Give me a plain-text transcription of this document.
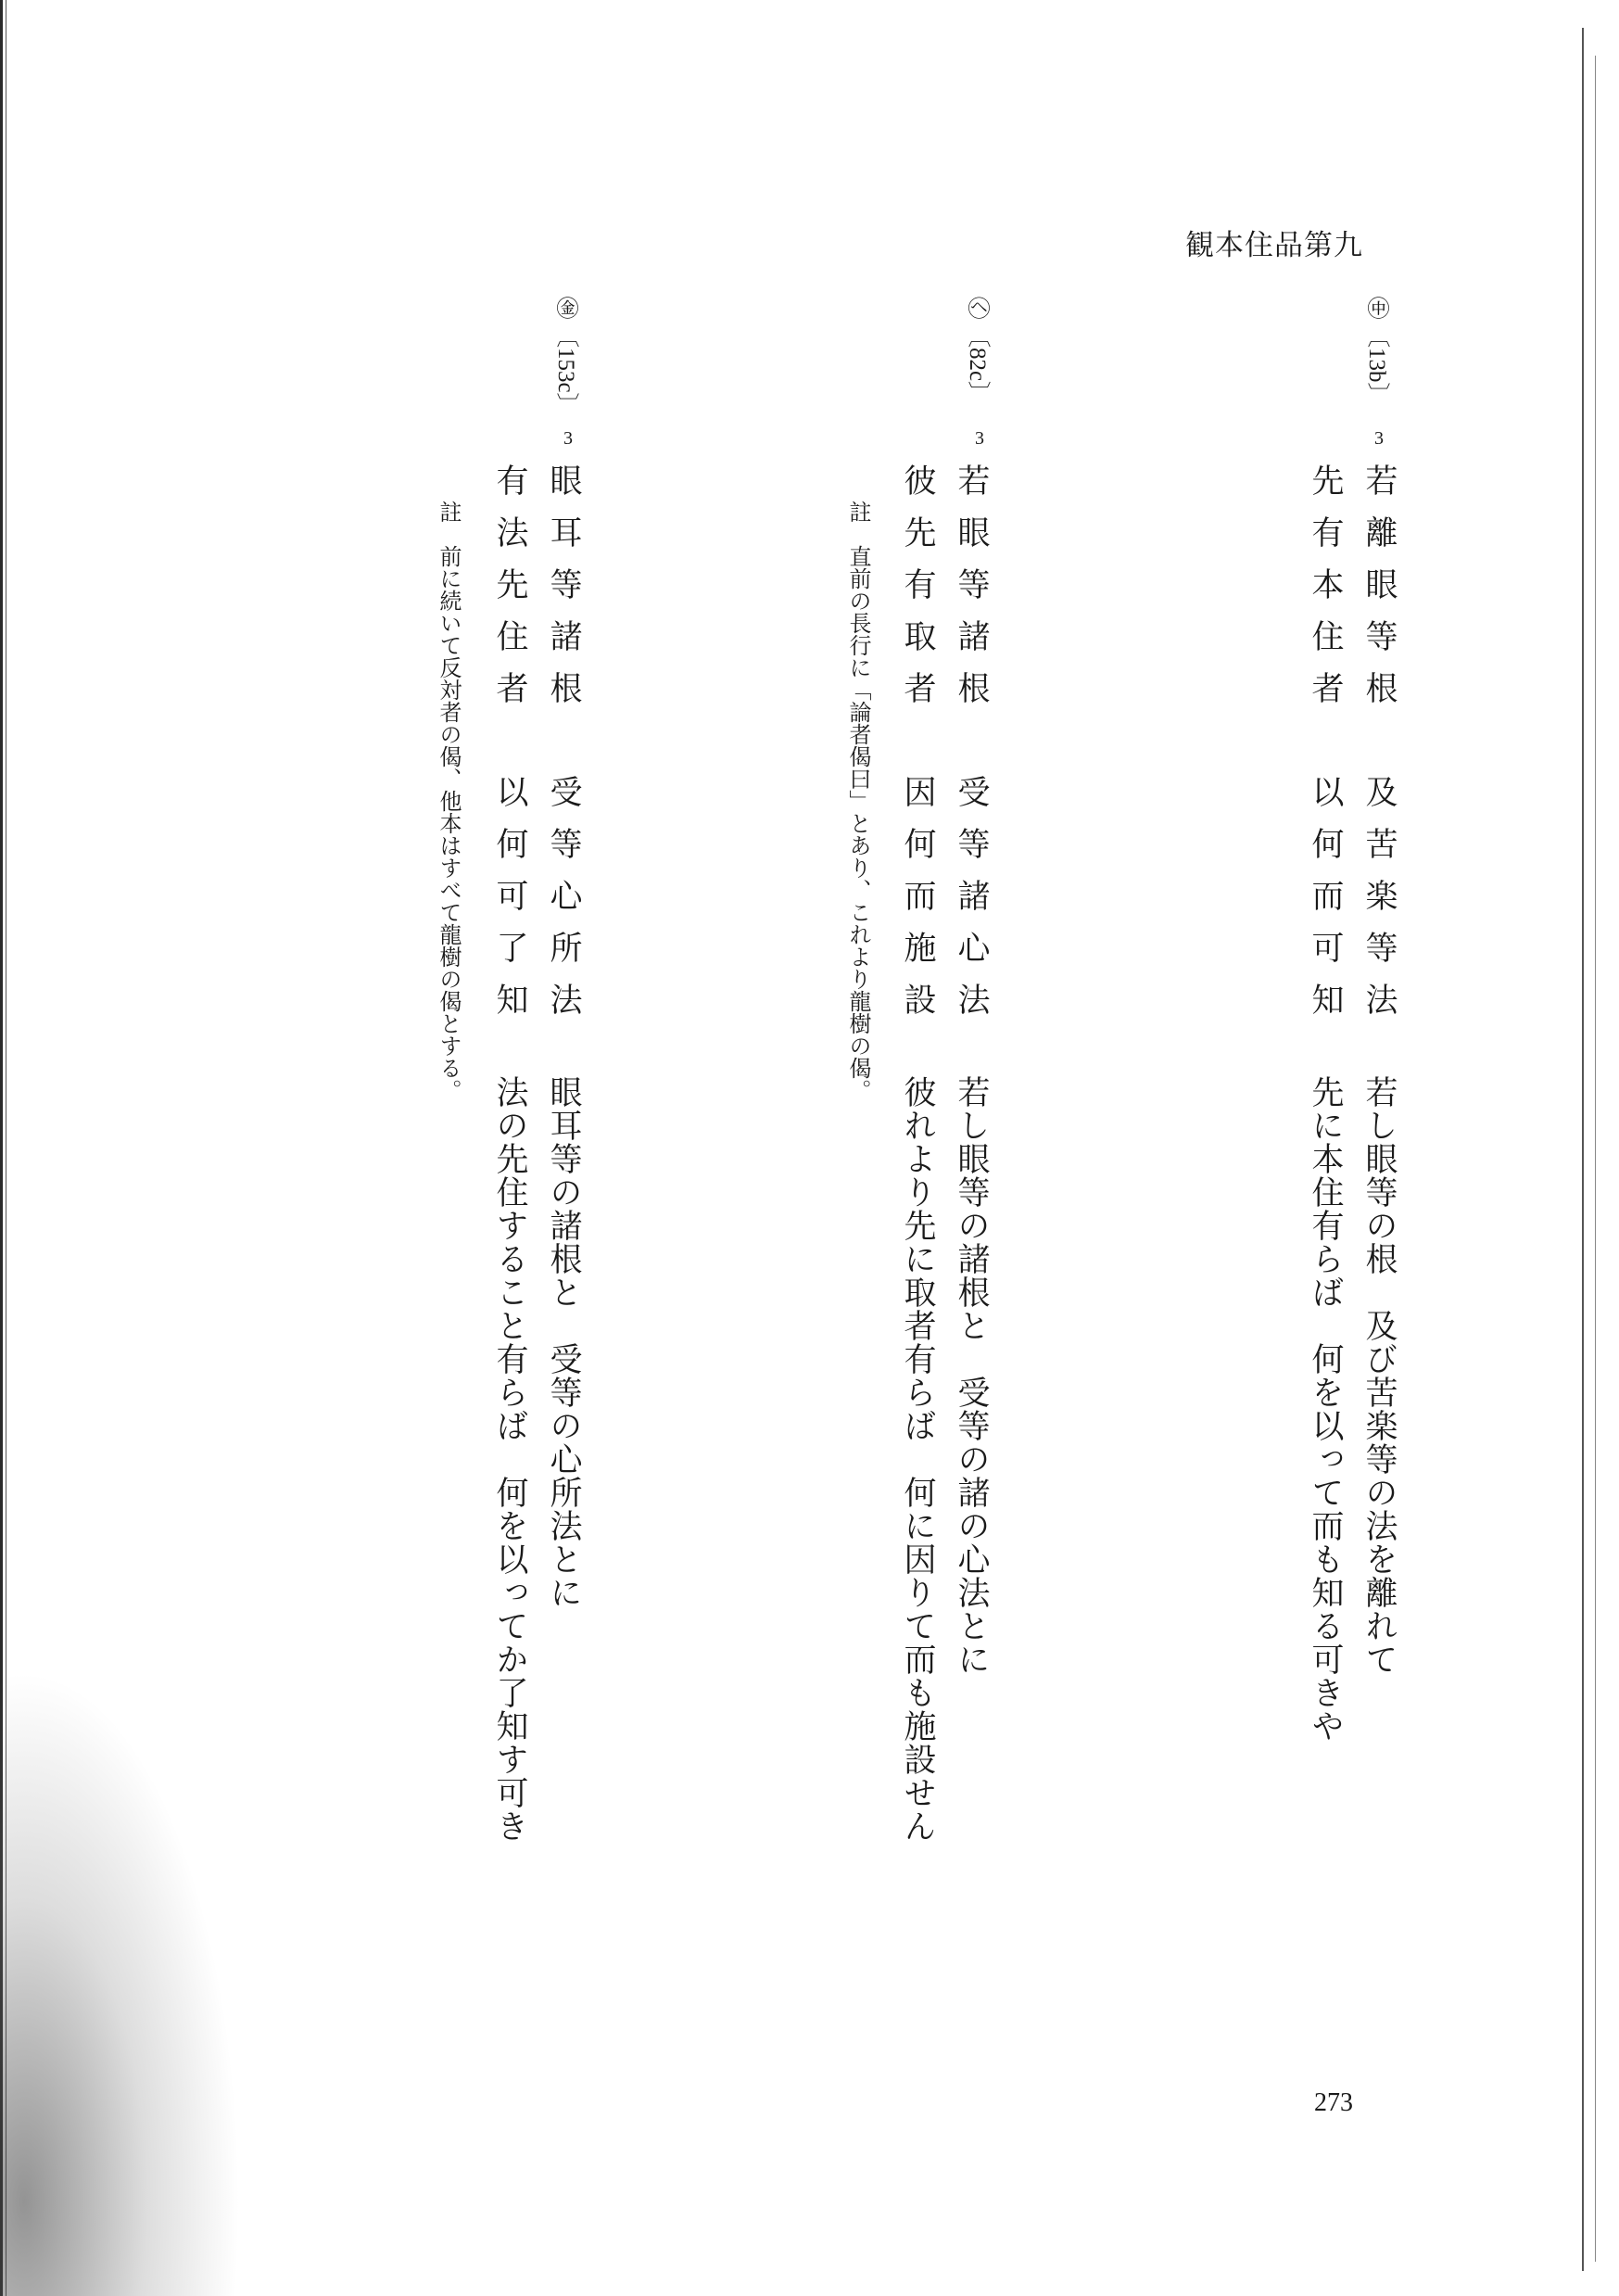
観本住品第九
㊥
〔13b〕
3
若離眼等根　及苦楽等法
先有本住者　以何而可知
若し眼等の根　及び苦楽等の法を離れて
先に本住有らば　何を以って而も知る可きや
㋬
〔82c〕
3
若眼等諸根　受等諸心法
彼先有取者　因何而施設
若し眼等の諸根と　受等の諸の心法とに
彼れより先に取者有らば　何に因りて而も施設せん
註　直前の長行に「論者偈曰」とあり、これより龍樹の偈。
㊎
〔153c〕
3
眼耳等諸根　受等心所法
有法先住者　以何可了知
眼耳等の諸根と　受等の心所法とに
法の先住すること有らば　何を以ってか了知す可き
註　前に続いて反対者の偈、他本はすべて龍樹の偈とする。
273
